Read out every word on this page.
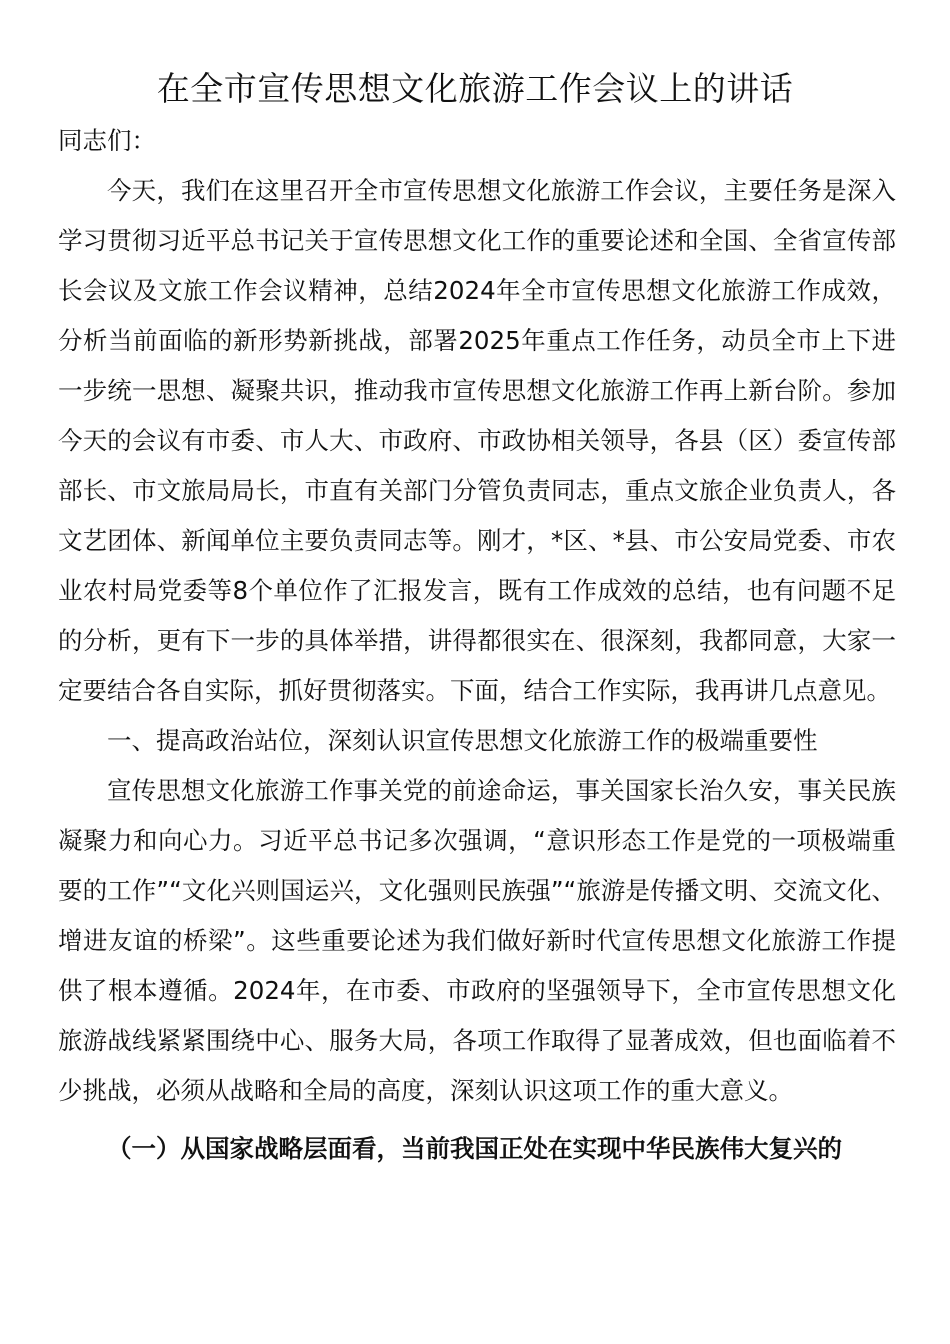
在全市宣传思想文化旅游工作会议上的讲话

同志们：

今天，我们在这里召开全市宣传思想文化旅游工作会议，主要任务是深入学习贯彻习近平总书记关于宣传思想文化工作的重要论述和全国、全省宣传部长会议及文旅工作会议精神，总结2024年全市宣传思想文化旅游工作成效，分析当前面临的新形势新挑战，部署2025年重点工作任务，动员全市上下进一步统一思想、凝聚共识，推动我市宣传思想文化旅游工作再上新台阶。参加今天的会议有市委、市人大、市政府、市政协相关领导，各县（区）委宣传部部长、市文旅局局长，市直有关部门分管负责同志，重点文旅企业负责人，各文艺团体、新闻单位主要负责同志等。刚才，*区、*县、市公安局党委、市农业农村局党委等8个单位作了汇报发言，既有工作成效的总结，也有问题不足的分析，更有下一步的具体举措，讲得都很实在、很深刻，我都同意，大家一定要结合各自实际，抓好贯彻落实。下面，结合工作实际，我再讲几点意见。

一、提高政治站位，深刻认识宣传思想文化旅游工作的极端重要性

宣传思想文化旅游工作事关党的前途命运，事关国家长治久安，事关民族凝聚力和向心力。习近平总书记多次强调，“意识形态工作是党的一项极端重要的工作”“文化兴则国运兴，文化强则民族强”“旅游是传播文明、交流文化、增进友谊的桥梁”。这些重要论述为我们做好新时代宣传思想文化旅游工作提供了根本遵循。2024年，在市委、市政府的坚强领导下，全市宣传思想文化旅游战线紧紧围绕中心、服务大局，各项工作取得了显著成效，但也面临着不少挑战，必须从战略和全局的高度，深刻认识这项工作的重大意义。

（一）从国家战略层面看，当前我国正处在实现中华民族伟大复兴的
